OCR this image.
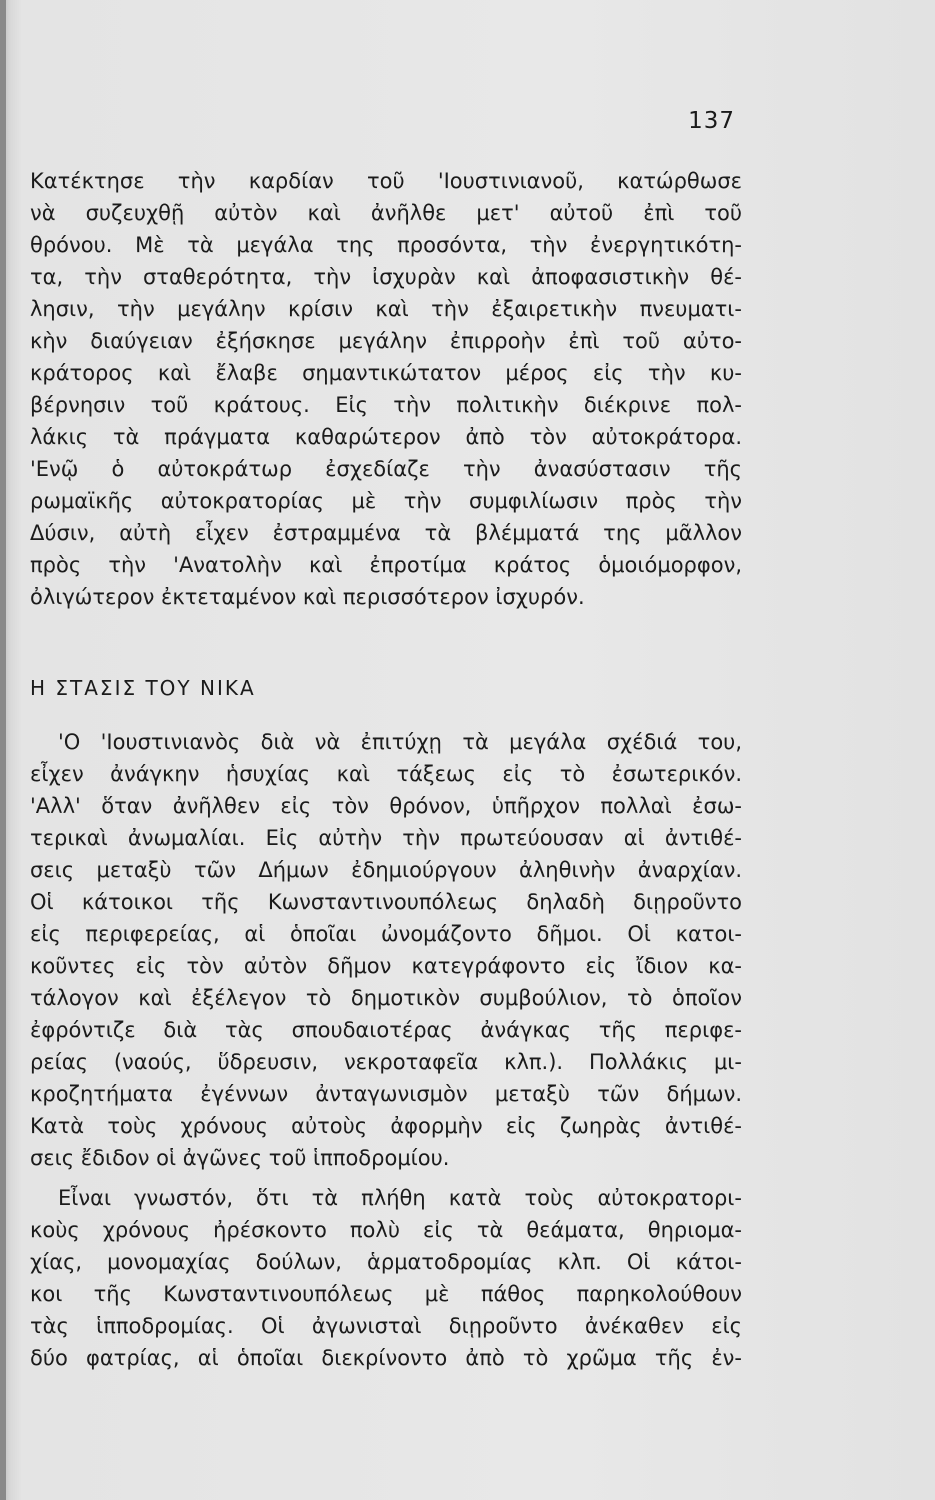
137
Κατέκτησε τὴν καρδίαν τοῦ 'Ιουστινιανοῦ, κατώρθωσε
νὰ συζευχθῇ αὐτὸν καὶ ἀνῆλθε μετ' αὐτοῦ ἐπὶ τοῦ
θρόνου. Μὲ τὰ μεγάλα της προσόντα, τὴν ἐνεργητικότη-
τα, τὴν σταθερότητα, τὴν ἰσχυρὰν καὶ ἀποφασιστικὴν θέ-
λησιν, τὴν μεγάλην κρίσιν καὶ τὴν ἐξαιρετικὴν πνευματι-
κὴν διαύγειαν ἐξήσκησε μεγάλην ἐπιρροὴν ἐπὶ τοῦ αὐτο-
κράτορος καὶ ἔλαβε σημαντικώτατον μέρος εἰς τὴν κυ-
βέρνησιν τοῦ κράτους. Εἰς τὴν πολιτικὴν διέκρινε πολ-
λάκις τὰ πράγματα καθαρώτερον ἀπὸ τὸν αὐτοκράτορα.
'Ενῷ ὁ αὐτοκράτωρ ἐσχεδίαζε τὴν ἀνασύστασιν τῆς
ρωμαϊκῆς αὐτοκρατορίας μὲ τὴν συμφιλίωσιν πρὸς τὴν
Δύσιν, αὐτὴ εἶχεν ἐστραμμένα τὰ βλέμματά της μᾶλλον
πρὸς τὴν 'Ανατολὴν καὶ ἐπροτίμα κράτος ὁμοιόμορφον,
ὀλιγώτερον ἐκτεταμένον καὶ περισσότερον ἰσχυρόν.
Η ΣΤΑΣΙΣ ΤΟΥ ΝΙΚΑ
'Ο 'Ιουστινιανὸς διὰ νὰ ἐπιτύχῃ τὰ μεγάλα σχέδιά του,
εἶχεν ἀνάγκην ἡσυχίας καὶ τάξεως εἰς τὸ ἐσωτερικόν.
'Αλλ' ὅταν ἀνῆλθεν εἰς τὸν θρόνον, ὑπῆρχον πολλαὶ ἐσω-
τερικαὶ ἀνωμαλίαι. Εἰς αὐτὴν τὴν πρωτεύουσαν αἱ ἀντιθέ-
σεις μεταξὺ τῶν Δήμων ἐδημιούργουν ἀληθινὴν ἀναρχίαν.
Οἱ κάτοικοι τῆς Κωνσταντινουπόλεως δηλαδὴ διῃροῦντο
εἰς περιφερείας, αἱ ὁποῖαι ὠνομάζοντο δῆμοι. Οἱ κατοι-
κοῦντες εἰς τὸν αὐτὸν δῆμον κατεγράφοντο εἰς ἴδιον κα-
τάλογον καὶ ἐξέλεγον τὸ δημοτικὸν συμβούλιον, τὸ ὁποῖον
ἐφρόντιζε διὰ τὰς σπουδαιοτέρας ἀνάγκας τῆς περιφε-
ρείας (ναούς, ὕδρευσιν, νεκροταφεῖα κλπ.). Πολλάκις μι-
κροζητήματα ἐγέννων ἀνταγωνισμὸν μεταξὺ τῶν δήμων.
Κατὰ τοὺς χρόνους αὐτοὺς ἀφορμὴν εἰς ζωηρὰς ἀντιθέ-
σεις ἔδιδον οἱ ἀγῶνες τοῦ ἱπποδρομίου.
Εἶναι γνωστόν, ὅτι τὰ πλήθη κατὰ τοὺς αὐτοκρατορι-
κοὺς χρόνους ἠρέσκοντο πολὺ εἰς τὰ θεάματα, θηριομα-
χίας, μονομαχίας δούλων, ἁρματοδρομίας κλπ. Οἱ κάτοι-
κοι τῆς Κωνσταντινουπόλεως μὲ πάθος παρηκολούθουν
τὰς ἱπποδρομίας. Οἱ ἀγωνισταὶ διῃροῦντο ἀνέκαθεν εἰς
δύο φατρίας, αἱ ὁποῖαι διεκρίνοντο ἀπὸ τὸ χρῶμα τῆς ἐν-
